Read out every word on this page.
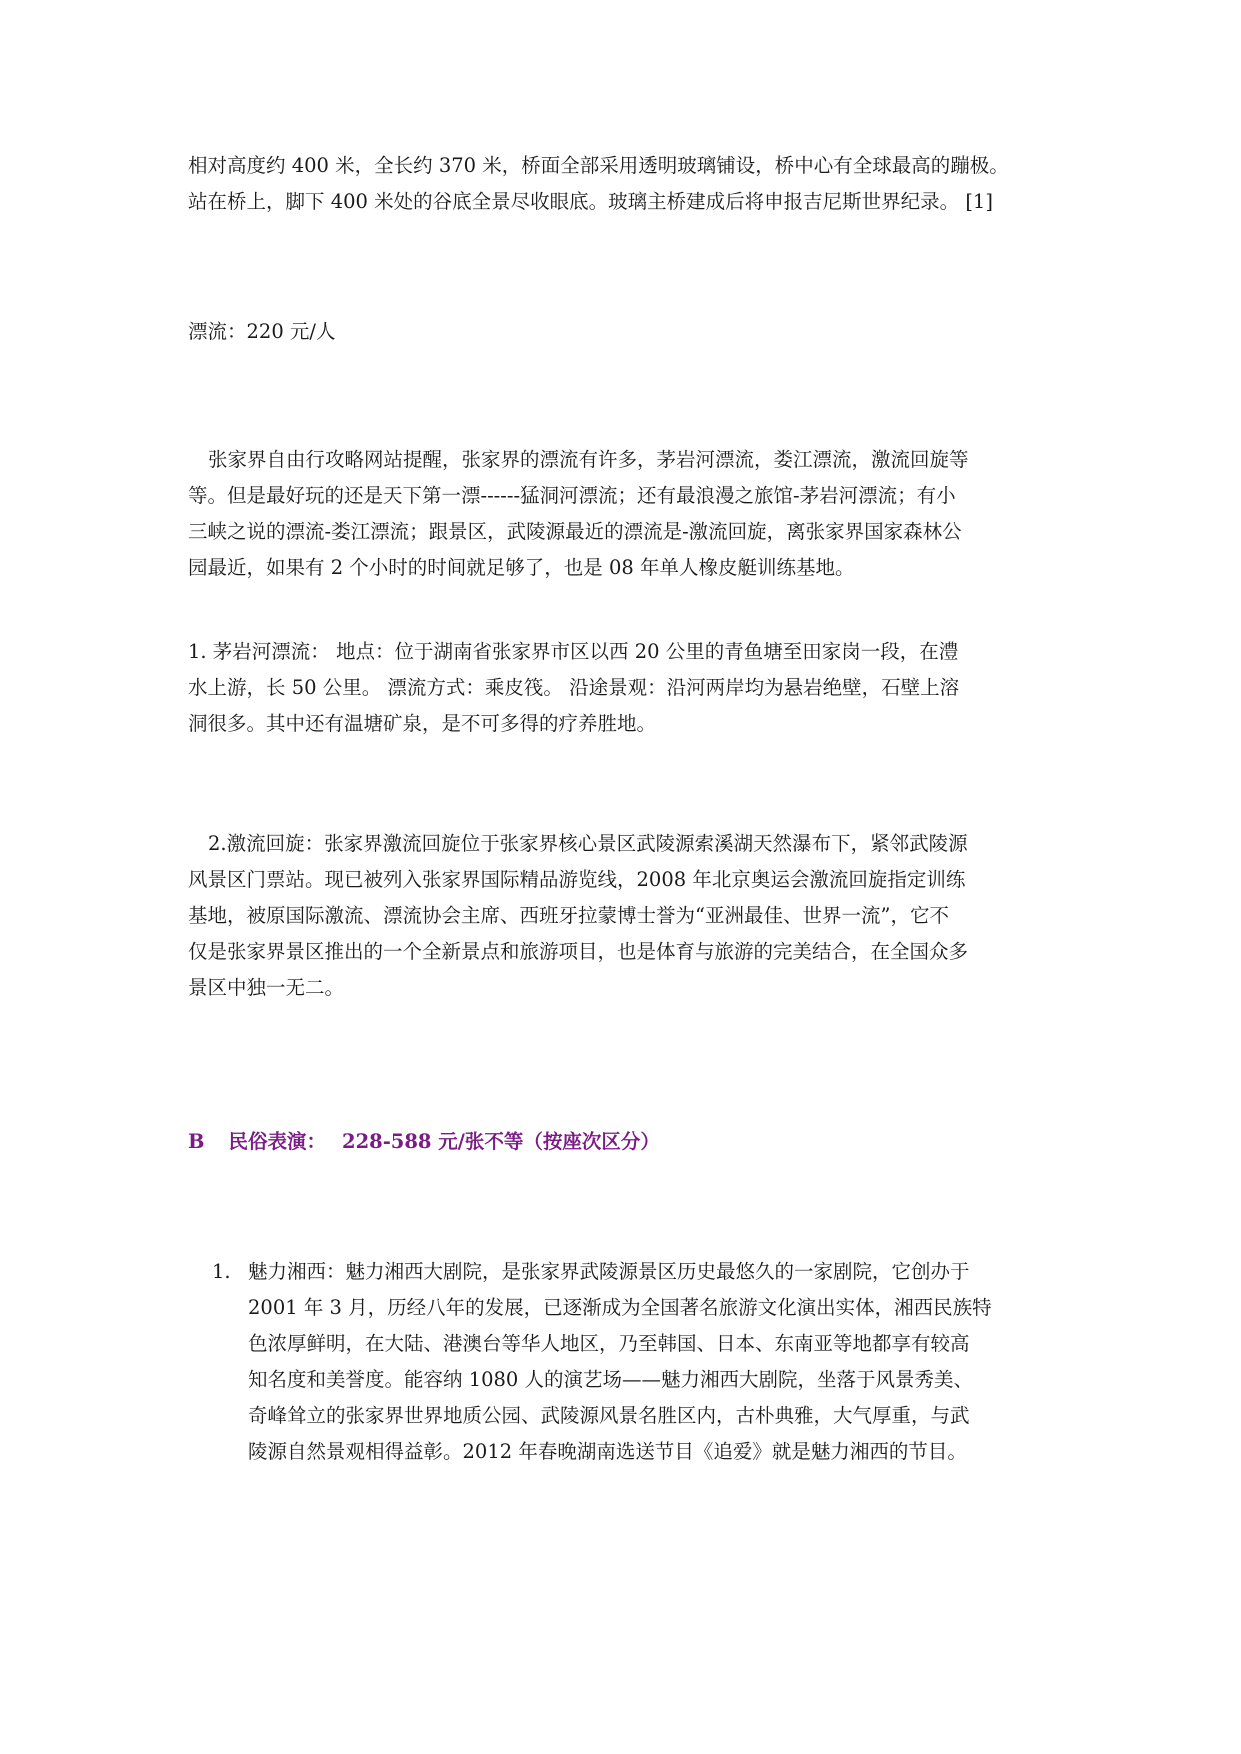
相对高度约 400 米，全长约 370 米，桥面全部采用透明玻璃铺设，桥中心有全球最高的蹦极。
站在桥上，脚下 400 米处的谷底全景尽收眼底。玻璃主桥建成后将申报吉尼斯世界纪录。 [1]

漂流：220 元/人

张家界自由行攻略网站提醒，张家界的漂流有许多，茅岩河漂流，娄江漂流，激流回旋等
等。但是最好玩的还是天下第一漂------猛洞河漂流；还有最浪漫之旅馆-茅岩河漂流；有小
三峡之说的漂流-娄江漂流；跟景区，武陵源最近的漂流是-激流回旋，离张家界国家森林公
园最近，如果有 2 个小时的时间就足够了，也是 08 年单人橡皮艇训练基地。

1. 茅岩河漂流： 地点：位于湖南省张家界市区以西 20 公里的青鱼塘至田家岗一段，在澧
水上游，长 50 公里。 漂流方式：乘皮筏。 沿途景观：沿河两岸均为悬岩绝壁，石壁上溶
洞很多。其中还有温塘矿泉，是不可多得的疗养胜地。

2.激流回旋：张家界激流回旋位于张家界核心景区武陵源索溪湖天然瀑布下，紧邻武陵源
风景区门票站。现已被列入张家界国际精品游览线，2008 年北京奥运会激流回旋指定训练
基地，被原国际激流、漂流协会主席、西班牙拉蒙博士誉为“亚洲最佳、世界一流”，它不
仅是张家界景区推出的一个全新景点和旅游项目，也是体育与旅游的完美结合，在全国众多
景区中独一无二。

B 民俗表演： 228-588 元/张不等（按座次区分）

1. 魅力湘西：魅力湘西大剧院，是张家界武陵源景区历史最悠久的一家剧院，它创办于
2001 年 3 月，历经八年的发展，已逐渐成为全国著名旅游文化演出实体，湘西民族特
色浓厚鲜明，在大陆、港澳台等华人地区，乃至韩国、日本、东南亚等地都享有较高
知名度和美誉度。能容纳 1080 人的演艺场——魅力湘西大剧院，坐落于风景秀美、
奇峰耸立的张家界世界地质公园、武陵源风景名胜区内，古朴典雅，大气厚重，与武
陵源自然景观相得益彰。2012 年春晚湖南选送节目《追爱》就是魅力湘西的节目。
